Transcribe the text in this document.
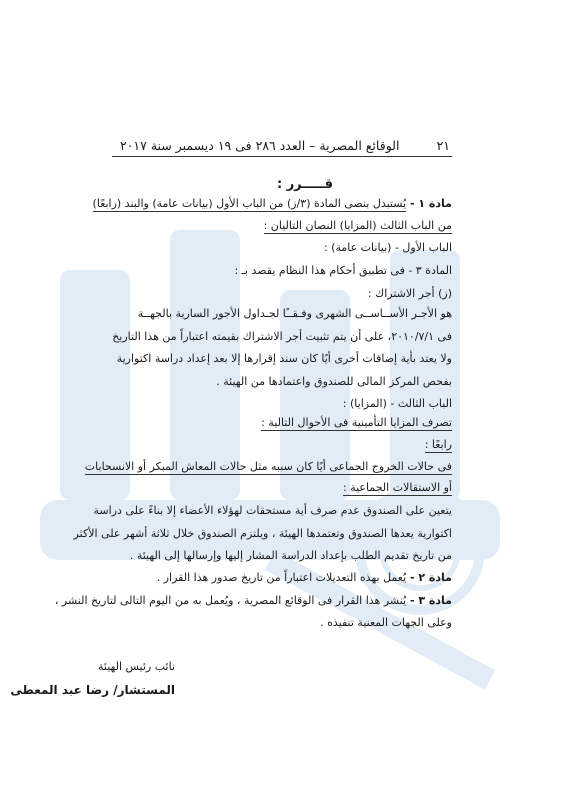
٢١
الوقائع المصرية – العدد ٢٨٦ فى ١٩ ديسمبر سنة ٢٠١٧
قـــــرر :
مادة ١ - يُستبدل بنصى المادة (٣/ز) من الباب الأول (بيانات عامة) والبند (رابعًا)
من الباب الثالث (المزايا) النصان التاليان :
الباب الأول - (بيانات عامة) :
المادة ٣ - فى تطبيق أحكام هذا النظام يقصد بـ :
(ز) أجر الاشتراك :
هو الأجـر الأســاســى الشهرى وفـقــًا لجـداول الأجور السارية بالجهــة
فى ٢٠١٠/٧/١، على أن يتم تثبيت أجر الاشتراك بقيمته اعتباراً من هذا التاريخ
ولا يعتد بأية إضافات أخرى أيًا كان سند إقرارها إلا بعد إعداد دراسة اكتوارية
بفحص المركز المالى للصندوق واعتمادها من الهيئة .
الباب الثالث - (المزايا) :
تصرف المزايا التأمينية فى الأحوال التالية :
رابعًا :
فى حالات الخروج الجماعى أيًا كان سببه مثل حالات المعاش المبكر أو الانسحابات
أو الاستقالات الجماعية :
يتعين على الصندوق عدم صرف أية مستحقات لهؤلاء الأعضاء إلا بناءً على دراسة
اكتوارية يعدها الصندوق وتعتمدها الهيئة ، ويلتزم الصندوق خلال ثلاثة أشهر على الأكثر
من تاريخ تقديم الطلب بإعداد الدراسة المشار إليها وإرسالها إلى الهيئة .
مادة ٢ - يُعمل بهذه التعديلات اعتباراً من تاريخ صدور هذا القرار .
مادة ٣ - يُنشر هذا القرار فى الوقائع المصرية ، ويُعمل به من اليوم التالى لتاريخ النشر ،
وعلى الجهات المعنية تنفيذه .
نائب رئيس الهيئة
المستشار/ رضا عبد المعطى
